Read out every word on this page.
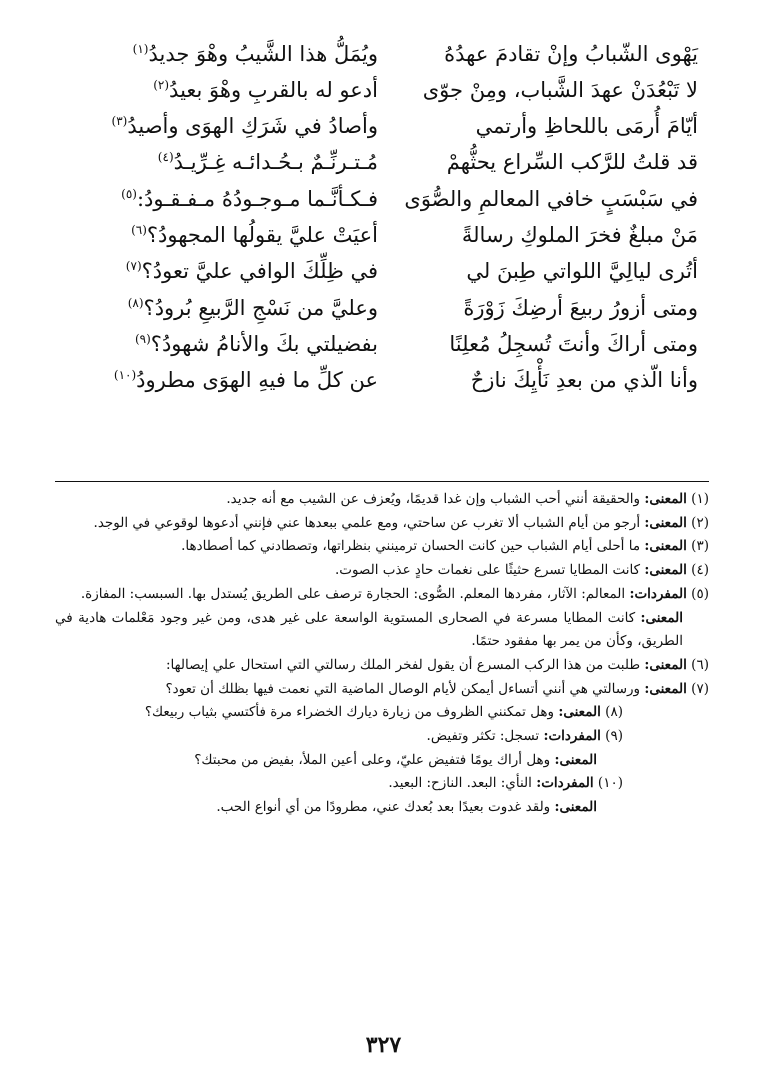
يَهْوى الشّبابُ وإنْ تقادمَ عهدُهُ
ويُمَلُّ هذا الشَّيبُ وهْوَ جديدُ$^{(١)}$
لا تَبْعُدَنْ عهدَ الشَّباب، ومِنْ جوّى
أدعو له بالقربِ وهْوَ بعيدُ$^{(٢)}$
أيّامَ أُرمَى باللحاظِ وأرتمي
وأصادُ في شَرَكِ الهوَى وأصيدُ$^{(٣)}$
قد قلتُ للرَّكب السِّراع يحثُّهمْ
مُـتـرنِّـمٌ بـحُـدائـه غِـرِّيـدُ$^{(٤)}$
في سَبْسَبٍ خافي المعالمِ والصُّوَى
فـكـأنَّـما مـوجـودُهُ مـفـقـودُ:$^{(٥)}$
مَنْ مبلغٌ فخرَ الملوكِ رسالةً
أعيَتْ عليَّ يقولُها المجهودُ؟$^{(٦)}$
أتُرى ليالِيَّ اللواتي طِبنَ لي
في ظِلِّكَ الوافي عليَّ تعودُ؟$^{(٧)}$
ومتى أزورُ ربيعَ أرضِكَ زَوْرَةً
وعليَّ من نَسْجِ الرَّبيعِ بُرودُ؟$^{(٨)}$
ومتى أراكَ وأنتَ تُسجِلُ مُعلِنًا
بفضيلتي بكَ والأنامُ شهودُ؟$^{(٩)}$
وأنا الّذي من بعدِ نَأْيِكَ نازحٌ
عن كلِّ ما فيهِ الهوَى مطرودُ$^{(١٠)}$

(١) المعنى: والحقيقة أنني أحب الشباب وإن غدا قديمًا، ويُعزف عن الشيب مع أنه جديد.

(٢) المعنى: أرجو من أيام الشباب ألا تغرب عن ساحتي، ومع علمي ببعدها عني فإنني أدعوها لوقوعي في الوجد.

(٣) المعنى: ما أحلى أيام الشباب حين كانت الحسان ترمينني بنظراتها، وتصطادني كما أصطادها.

(٤) المعنى: كانت المطايا تسرع حثيثًا على نغمات حادٍ عذب الصوت.

(٥) المفردات: المعالم: الآثار، مفردها المعلم. الصُّوى: الحجارة ترصف على الطريق يُستدل بها. السبسب: المفازة.

المعنى: كانت المطايا مسرعة في الصحارى المستوية الواسعة على غير هدى، ومن غير وجود مَعْلمات هادية في الطريق، وكأن من يمر بها مفقود حتمًا.

(٦) المعنى: طلبت من هذا الركب المسرع أن يقول لفخر الملك رسالتي التي استحال علي إيصالها:

(٧) المعنى: ورسالتي هي أنني أتساءل أيمكن لأيام الوصال الماضية التي نعمت فيها بظلك أن تعود؟

(٨) المعنى: وهل تمكنني الظروف من زيارة ديارك الخضراء مرة فأكتسي بثياب ربيعك؟

(٩) المفردات: تسجل: تكثر وتفيض.

المعنى: وهل أراك يومًا فتفيض عليّ، وعلى أعين الملأ، بفيض من محبتك؟

(١٠) المفردات: النأي: البعد. النازح: البعيد.

المعنى: ولقد غدوت بعيدًا بعد بُعدك عني، مطرودًا من أي أنواع الحب.

٣٢٧
